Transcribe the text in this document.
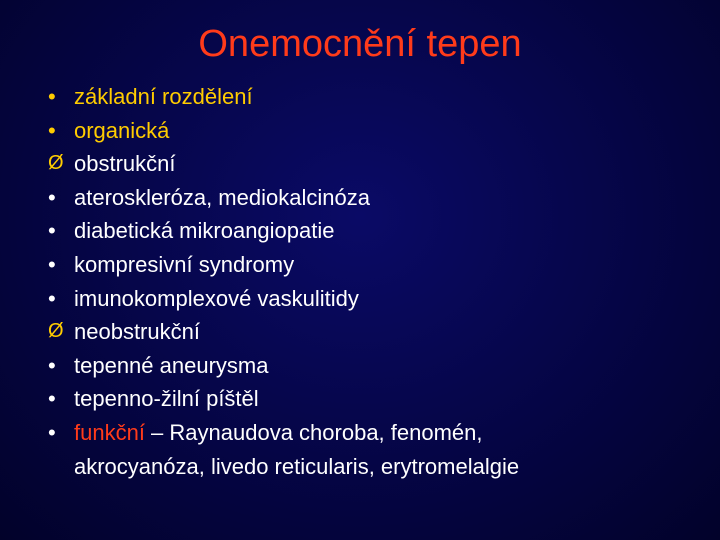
Onemocnění tepen
• základní rozdělení
• organická
Ø obstrukční
• ateroskleróza, mediokalcinóza
• diabetická mikroangiopatie
• kompresivní syndromy
• imunokomplexové vaskulitidy
Ø neobstrukční
• tepenné aneurysma
• tepenno-žilní píštěl
• funkční – Raynaudova choroba, fenomén,
akrocyanóza, livedo reticularis, erytromelalgie
